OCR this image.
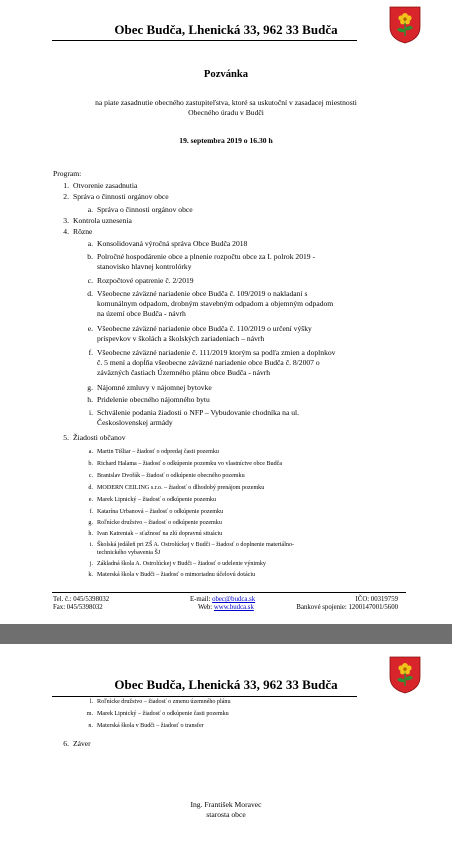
Obec Budča, Lhenická 33, 962 33 Budča
Pozvánka
na piate zasadnutie obecného zastupiteľstva, ktoré sa uskutoční v zasadacej miestnosti
Obecného úradu v Budči
19. septembra 2019 o 16.30 h
Program:
1. Otvorenie zasadnutia
2. Správa o činnosti orgánov obce
a. Správa o činnosti orgánov obce
3. Kontrola uznesenia
4. Rôzne
a. Konsolidovaná výročná správa Obce Budča 2018
b. Polročné hospodárenie obce a plnenie rozpočtu obce za I. polrok 2019 -
stanovisko hlavnej kontrolórky
c. Rozpočtové opatrenie č. 2/2019
d. Všeobecne záväzné nariadenie obce Budča č. 109/2019 o nakladaní s
komunálnym odpadom, drobným stavebným odpadom a objemným odpadom
na území obce Budča - návrh
e. Všeobecne záväzné nariadenie obce Budča č. 110/2019 o určení výšky
príspevkov v školách a školských zariadeniach – návrh
f. Všeobecne záväzné nariadenie č. 111/2019 ktorým sa podľa zmien a doplnkov
č. 5 mení a dopĺňa všeobecne záväzné nariadenie obce Budča č. 8/2007 o
záväzných častiach Územného plánu obce Budča - návrh
g. Nájomné zmluvy v nájomnej bytovke
h. Pridelenie obecného nájomného bytu
i. Schválenie podania žiadosti o NFP – Vybudovanie chodníka na ul.
Československej armády
5. Žiadosti občanov
a. Martin Tišliar – žiadosť o odpredaj časti pozemku
b. Richard Halama – žiadosť o odkúpenie pozemku vo vlastníctve obce Budča
c. Branislav Dvořák – žiadosť o odkúpenie obecného pozemku
d. MODERN CEILING s.r.o. – žiadosť o dlhodobý prenájom pozemku
e. Marek Lipnický – žiadosť o odkúpenie pozemku
f. Katarína Urbanová – žiadosť o odkúpenie pozemku
g. Roľnícke družstvo – žiadosť o odkúpenie pozemku
h. Ivan Katreniak – sťažnosť na zlú dopravnú situáciu
i. Školská jedáleň pri ZŠ A. Ostrolúckej v Budči – žiadosť o doplnenie materiálno-
technického vybavenia ŠJ
j. Základná škola A. Ostrolúckej v Budči – žiadosť o udelenie výnimky
k. Materská škola v Budči – žiadosť o mimoriadnu účelovú dotáciu
Tel. č.: 045/5398032
Fax: 045/5398032
E-mail: obec@budca.sk
Web: www.budca.sk
IČO: 00319759
Bankové spojenie: 1200147001/5600
Obec Budča, Lhenická 33, 962 33 Budča
l. Roľnícke družstvo – žiadosť o zmenu územného plánu
m. Marek Lipnický – žiadosť o odkúpenie časti pozemku
n. Materská škola v Budči – žiadosť o transfer
6. Záver
Ing. František Moravec
starosta obce
